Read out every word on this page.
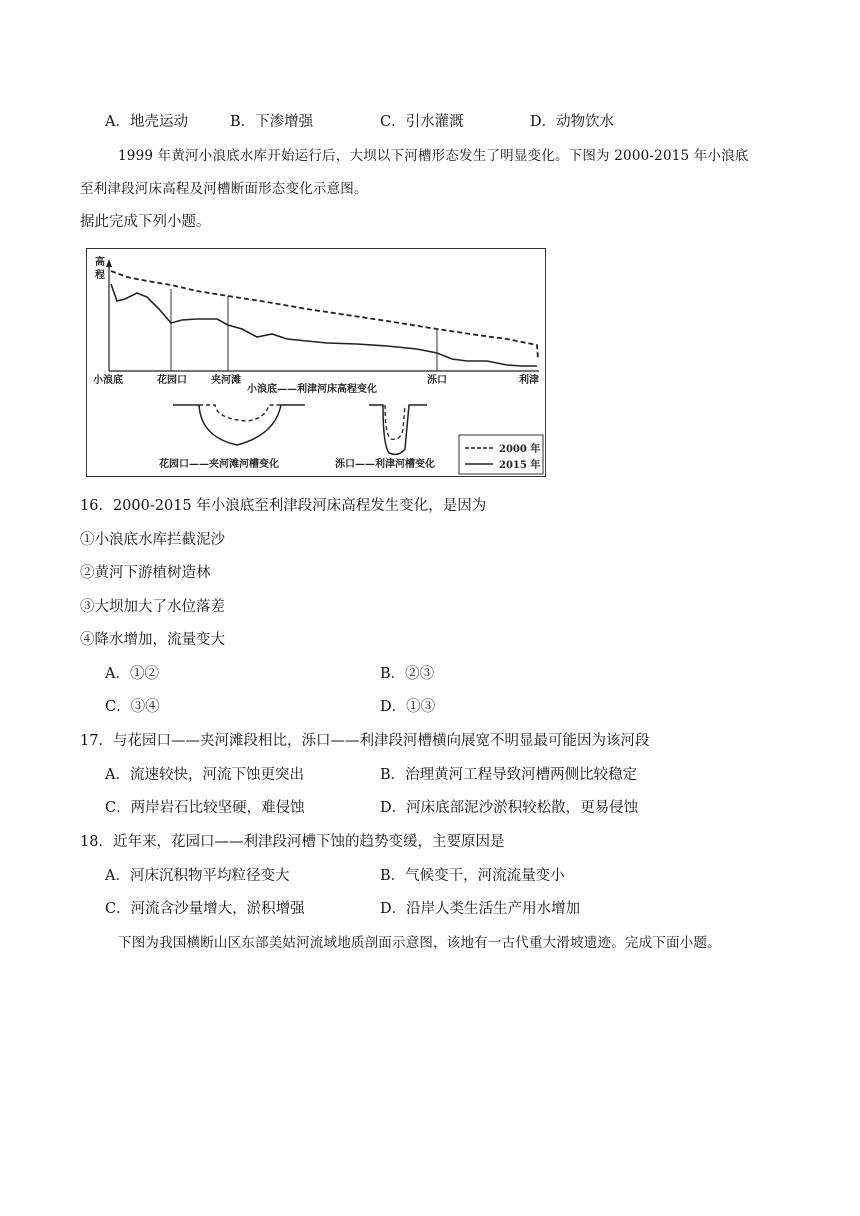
A．地壳运动	B．下渗增强	C．引水灌溉	D．动物饮水
1999 年黄河小浪底水库开始运行后，大坝以下河槽形态发生了明显变化。下图为 2000-2015 年小浪底
至利津段河床高程及河槽断面形态变化示意图。
据此完成下列小题。
高
程
小浪底	花园口 夹河滩	泺口	利津
小浪底——利津河床高程变化
花园口——夹河滩河槽变化	泺口——利津河槽变化
2000 年
2015 年
16．2000-2015 年小浪底至利津段河床高程发生变化，是因为
①小浪底水库拦截泥沙
②黄河下游植树造林
③大坝加大了水位落差
④降水增加，流量变大
A．①②	B．②③
C．③④	D．①③
17．与花园口——夹河滩段相比，泺口——利津段河槽横向展宽不明显最可能因为该河段
A．流速较快，河流下蚀更突出	B．治理黄河工程导致河槽两侧比较稳定
C．两岸岩石比较坚硬，难侵蚀	D．河床底部泥沙淤积较松散，更易侵蚀
18．近年来，花园口——利津段河槽下蚀的趋势变缓，主要原因是
A．河床沉积物平均粒径变大	B．气候变干，河流流量变小
C．河流含沙量增大，淤积增强	D．沿岸人类生活生产用水增加
下图为我国横断山区东部美姑河流域地质剖面示意图，该地有一古代重大滑坡遗迹。完成下面小题。
